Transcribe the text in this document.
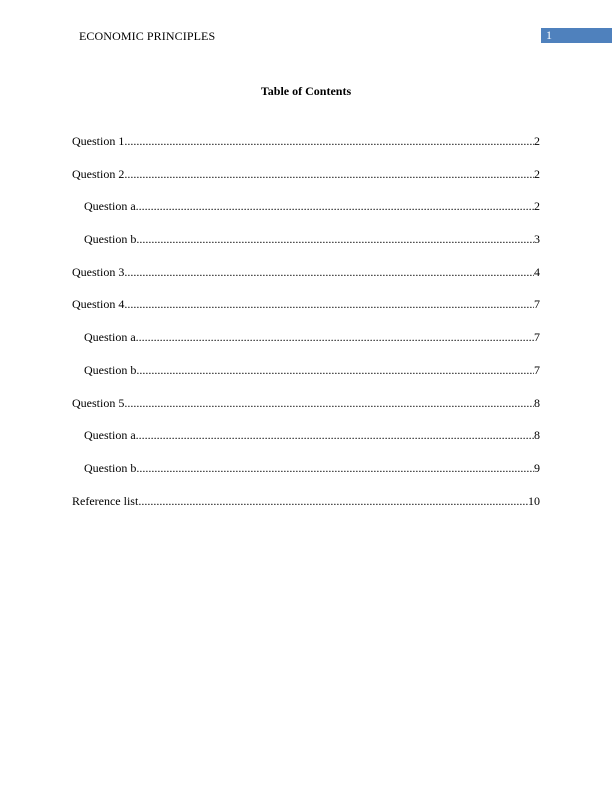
ECONOMIC PRINCIPLES	1
Table of Contents
Question 1 .....	2
Question 2 .....	2
Question a .....	2
Question b .....	3
Question 3 .....	4
Question 4 .....	7
Question a .....	7
Question b .....	7
Question 5 .....	8
Question a .....	8
Question b .....	9
Reference list .....	10
